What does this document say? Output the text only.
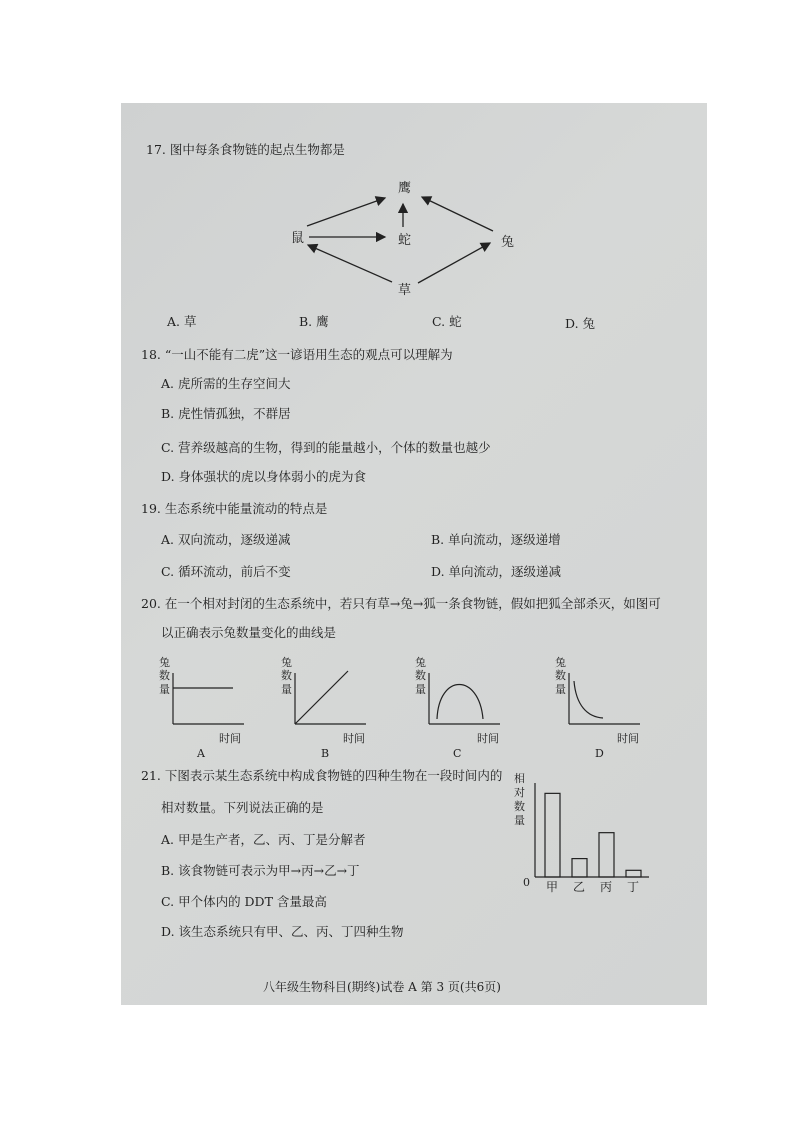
17. 图中每条食物链的起点生物都是
鹰
鼠	蛇	兔
草
A. 草	B. 鹰	C. 蛇	D. 兔
18. “一山不能有二虎”这一谚语用生态的观点可以理解为
A. 虎所需的生存空间大
B. 虎性情孤独，不群居
C. 营养级越高的生物，得到的能量越小，个体的数量也越少
D. 身体强状的虎以身体弱小的虎为食
19. 生态系统中能量流动的特点是
A. 双向流动，逐级递减	B. 单向流动，逐级递增
C. 循环流动，前后不变	D. 单向流动，逐级递减
20. 在一个相对封闭的生态系统中，若只有草→兔→狐一条食物链，假如把狐全部杀灭，如图可
以正确表示兔数量变化的曲线是
兔
数
量
时间
A
兔
数
量
时间
B
兔
数
量
时间
C
兔
数
量
时间
D
21. 下图表示某生态系统中构成食物链的四种生物在一段时间内的
相对数量。下列说法正确的是
A. 甲是生产者，乙、丙、丁是分解者
B. 该食物链可表示为甲→丙→乙→丁
C. 甲个体内的 DDT 含量最高
D. 该生态系统只有甲、乙、丙、丁四种生物
相
对
数
量
0 甲 乙 丙 丁
八年级生物科目(期终)试卷 A 第 3 页(共6页)
